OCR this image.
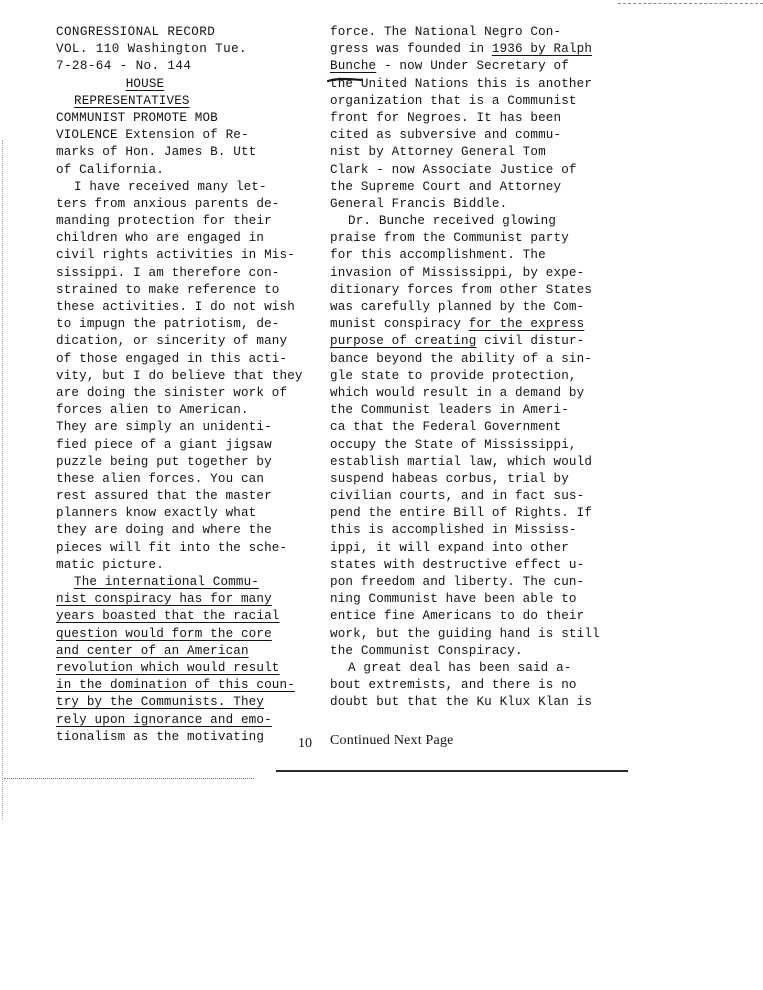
CONGRESSIONAL RECORD
VOL. 110 Washington Tue.
7-28-64 - No. 144
HOUSE
REPRESENTATIVES
COMMUNIST PROMOTE MOB
VIOLENCE Extension of Re-
marks of Hon. James B. Utt
of California.
I have received many let-
ters from anxious parents de-
manding protection for their
children who are engaged in
civil rights activities in Mis-
sissippi. I am therefore con-
strained to make reference to
these activities. I do not wish
to impugn the patriotism, de-
dication, or sincerity of many
of those engaged in this acti-
vity, but I do believe that they
are doing the sinister work of
forces alien to American.
They are simply an unidenti-
fied piece of a giant jigsaw
puzzle being put together by
these alien forces. You can
rest assured that the master
planners know exactly what
they are doing and where the
pieces will fit into the sche-
matic picture.
The international Commu-
nist conspiracy has for many
years boasted that the racial
question would form the core
and center of an American
revolution which would result
in the domination of this coun-
try by the Communists. They
rely upon ignorance and emo-
tionalism as the motivating
force. The National Negro Con-
gress was founded in 1936 by Ralph
Bunche - now Under Secretary of
the United Nations this is another
organization that is a Communist
front for Negroes. It has been
cited as subversive and commu-
nist by Attorney General Tom
Clark - now Associate Justice of
the Supreme Court and Attorney
General Francis Biddle.
Dr. Bunche received glowing
praise from the Communist party
for this accomplishment. The
invasion of Mississippi, by expe-
ditionary forces from other States
was carefully planned by the Com-
munist conspiracy for the express
purpose of creating civil distur-
bance beyond the ability of a sin-
gle state to provide protection,
which would result in a demand by
the Communist leaders in Ameri-
ca that the Federal Government
occupy the State of Mississippi,
establish martial law, which would
suspend habeas corbus, trial by
civilian courts, and in fact sus-
pend the entire Bill of Rights. If
this is accomplished in Mississ-
ippi, it will expand into other
states with destructive effect u-
pon freedom and liberty. The cun-
ning Communist have been able to
entice fine Americans to do their
work, but the guiding hand is still
the Communist Conspiracy.
A great deal has been said a-
bout extremists, and there is no
doubt but that the Ku Klux Klan is
10 Continued Next Page
